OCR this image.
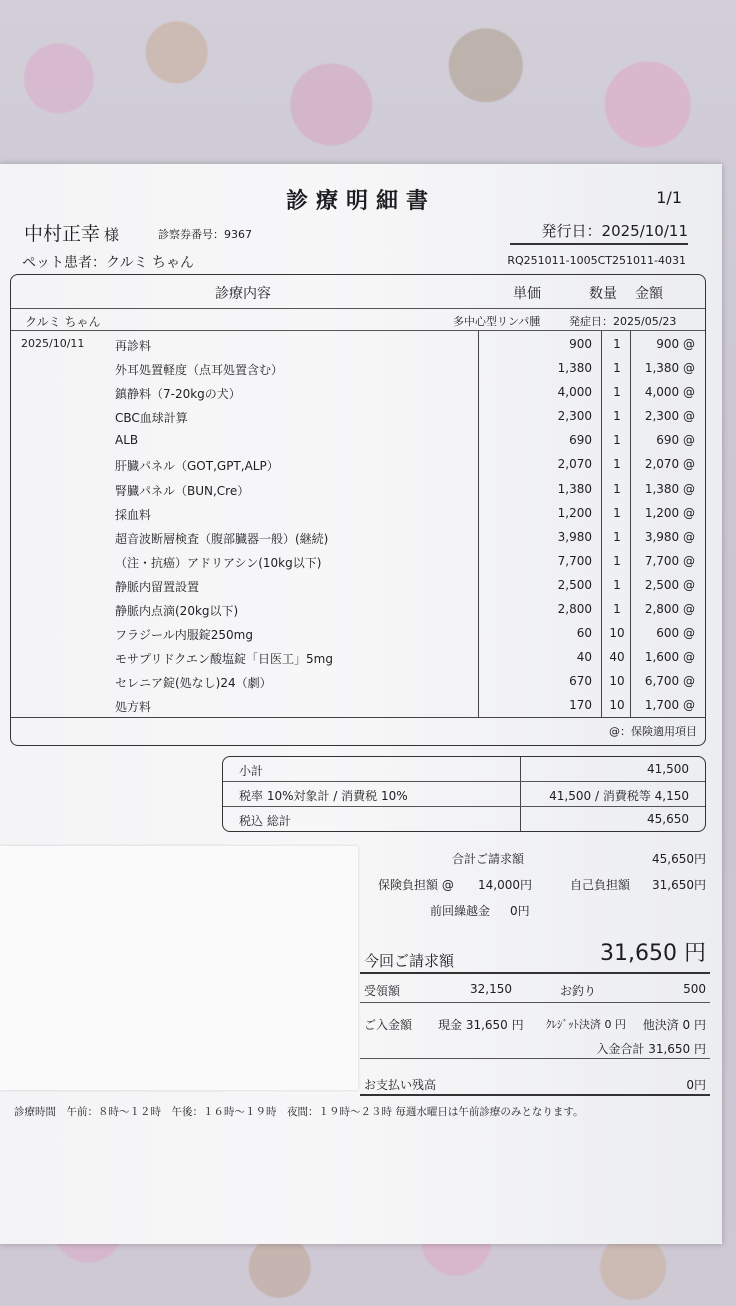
診療明細書	1/1
中村正幸 様	診察券番号：9367	発行日：2025/10/11
ペット患者：クルミ ちゃん	RQ251011-1005CT251011-4031
診療内容	単価	数量 金額
クルミ ちゃん	多中心型リンパ腫	発症日：2025/05/23
2025/10/11	再診料	900	1	900 @
外耳処置軽度（点耳処置含む）	1,380	1	1,380 @
鎮静料（7-20kgの犬）	4,000	1	4,000 @
CBC血球計算	2,300	1	2,300 @
ALB	690	1	690 @
肝臓パネル（GOT,GPT,ALP）	2,070	1	2,070 @
腎臓パネル（BUN,Cre）	1,380	1	1,380 @
採血料	1,200	1	1,200 @
超音波断層検査（腹部臓器一般）(継続)	3,980	1	3,980 @
（注・抗癌）アドリアシン(10kg以下)	7,700	1	7,700 @
静脈内留置設置	2,500	1	2,500 @
静脈内点滴(20kg以下)	2,800	1	2,800 @
フラジール内服錠250mg	60	10	600 @
モサプリドクエン酸塩錠「日医工」5mg	40	40	1,600 @
セレニア錠(処なし)24（劇）	670	10	6,700 @
処方料	170	10	1,700 @
@：保険適用項目
小計	41,500
税率 10%対象計 / 消費税 10%	41,500 / 消費税等 4,150
税込 総計	45,650
合計ご請求額	45,650円
保険負担額 @ 14,000円	自己負担額 31,650円
前回繰越金 0円
今回ご請求額	31,650 円
受領額	32,150	お釣り	500
ご入金額 現金 31,650 円 ｸﾚｼﾞｯﾄ決済 0 円 他決済 0 円
入金合計 31,650 円
お支払い残高	0円
診療時間　午前：８時～１２時　午後：１６時～１９時　夜間：１９時～２３時 毎週水曜日は午前診療のみとなります。
